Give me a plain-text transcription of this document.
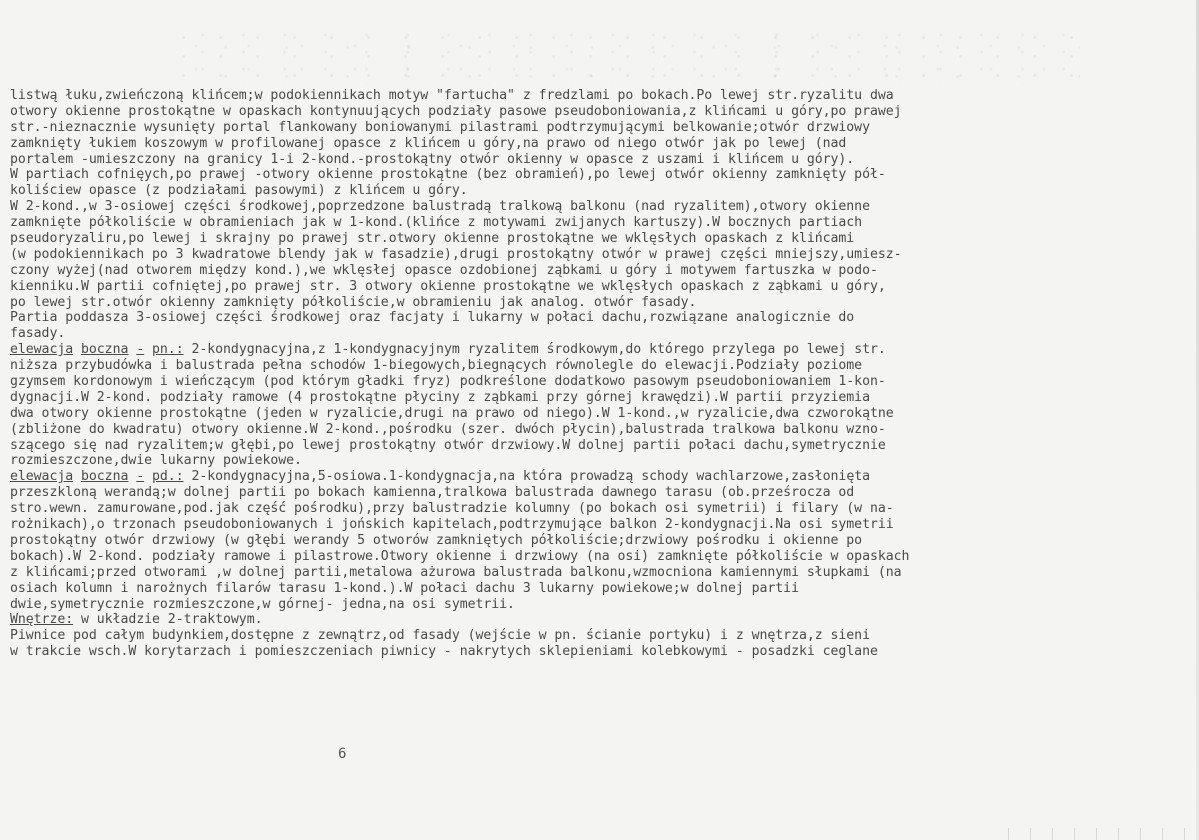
listwą łuku,zwieńczoną klińcem;w podokiennikach motyw "fartucha" z fredzlami po bokach.Po lewej str.ryzalitu dwa
otwory okienne prostokątne w opaskach kontynuujących podziały pasowe pseudoboniowania,z klińcami u góry,po prawej
str.-nieznacznie wysunięty portal flankowany boniowanymi pilastrami podtrzymującymi belkowanie;otwór drzwiowy
zamknięty łukiem koszowym w profilowanej opasce z klińcem u góry,na prawo od niego otwór jak po lewej (nad
portalem -umieszczony na granicy 1-i 2-kond.-prostokątny otwór okienny w opasce z uszami i klińcem u góry).
W partiach cofnięych,po prawej -otwory okienne prostokątne (bez obramień),po lewej otwór okienny zamknięty pół-
koliściew opasce (z podziałami pasowymi) z klińcem u góry.
W 2-kond.,w 3-osiowej części środkowej,poprzedzone balustradą tralkową balkonu (nad ryzalitem),otwory okienne
zamknięte półkoliście w obramieniach jak w 1-kond.(klińce z motywami zwijanych kartuszy).W bocznych partiach
pseudoryzaliru,po lewej i skrajny po prawej str.otwory okienne prostokątne we wklęsłych opaskach z klińcami
(w podokiennikach po 3 kwadratowe blendy jak w fasadzie),drugi prostokątny otwór w prawej części mniejszy,umiesz-
czony wyżej(nad otworem między kond.),we wklęsłej opasce ozdobionej ząbkami u góry i motywem fartuszka w podo-
kienniku.W partii cofniętej,po prawej str. 3 otwory okienne prostokątne we wklęsłych opaskach z ząbkami u góry,
po lewej str.otwór okienny zamknięty półkoliście,w obramieniu jak analog. otwór fasady.
Partia poddasza 3-osiowej części środkowej oraz facjaty i lukarny w połaci dachu,rozwiązane analogicznie do
fasady.
elewacja boczna - pn.: 2-kondygnacyjna,z 1-kondygnacyjnym ryzalitem środkowym,do którego przylega po lewej str.
niższa przybudówka i balustrada pełna schodów 1-biegowych,biegnących równolegle do elewacji.Podziały poziome
gzymsem kordonowym i wieńczącym (pod którym gładki fryz) podkreślone dodatkowo pasowym pseudoboniowaniem 1-kon-
dygnacji.W 2-kond. podziały ramowe (4 prostokątne płyciny z ząbkami przy górnej krawędzi).W partii przyziemia
dwa otwory okienne prostokątne (jeden w ryzalicie,drugi na prawo od niego).W 1-kond.,w ryzalicie,dwa czworokątne
(zbliżone do kwadratu) otwory okienne.W 2-kond.,pośrodku (szer. dwóch płycin),balustrada tralkowa balkonu wzno-
szącego się nad ryzalitem;w głębi,po lewej prostokątny otwór drzwiowy.W dolnej partii połaci dachu,symetrycznie
rozmieszczone,dwie lukarny powiekowe.
elewacja boczna - pd.: 2-kondygnacyjna,5-osiowa.1-kondygnacja,na która prowadzą schody wachlarzowe,zasłonięta
przeszkloną werandą;w dolnej partii po bokach kamienna,tralkowa balustrada dawnego tarasu (ob.prześrocza od
stro.wewn. zamurowane,pod.jak część pośrodku),przy balustradzie kolumny (po bokach osi symetrii) i filary (w na-
rożnikach),o trzonach pseudoboniowanych i jońskich kapitelach,podtrzymujące balkon 2-kondygnacji.Na osi symetrii
prostokątny otwór drzwiowy (w głębi werandy 5 otworów zamkniętych półkoliście;drzwiowy pośrodku i okienne po
bokach).W 2-kond. podziały ramowe i pilastrowe.Otwory okienne i drzwiowy (na osi) zamknięte półkoliście w opaskach
z klińcami;przed otworami ,w dolnej partii,metalowa ażurowa balustrada balkonu,wzmocniona kamiennymi słupkami (na
osiach kolumn i narożnych filarów tarasu 1-kond.).W połaci dachu 3 lukarny powiekowe;w dolnej partii
dwie,symetrycznie rozmieszczone,w górnej- jedna,na osi symetrii.
Wnętrze: w układzie 2-traktowym.
Piwnice pod całym budynkiem,dostępne z zewnątrz,od fasady (wejście w pn. ścianie portyku) i z wnętrza,z sieni
w trakcie wsch.W korytarzach i pomieszczeniach piwnicy - nakrytych sklepieniami kolebkowymi - posadzki ceglane
6
